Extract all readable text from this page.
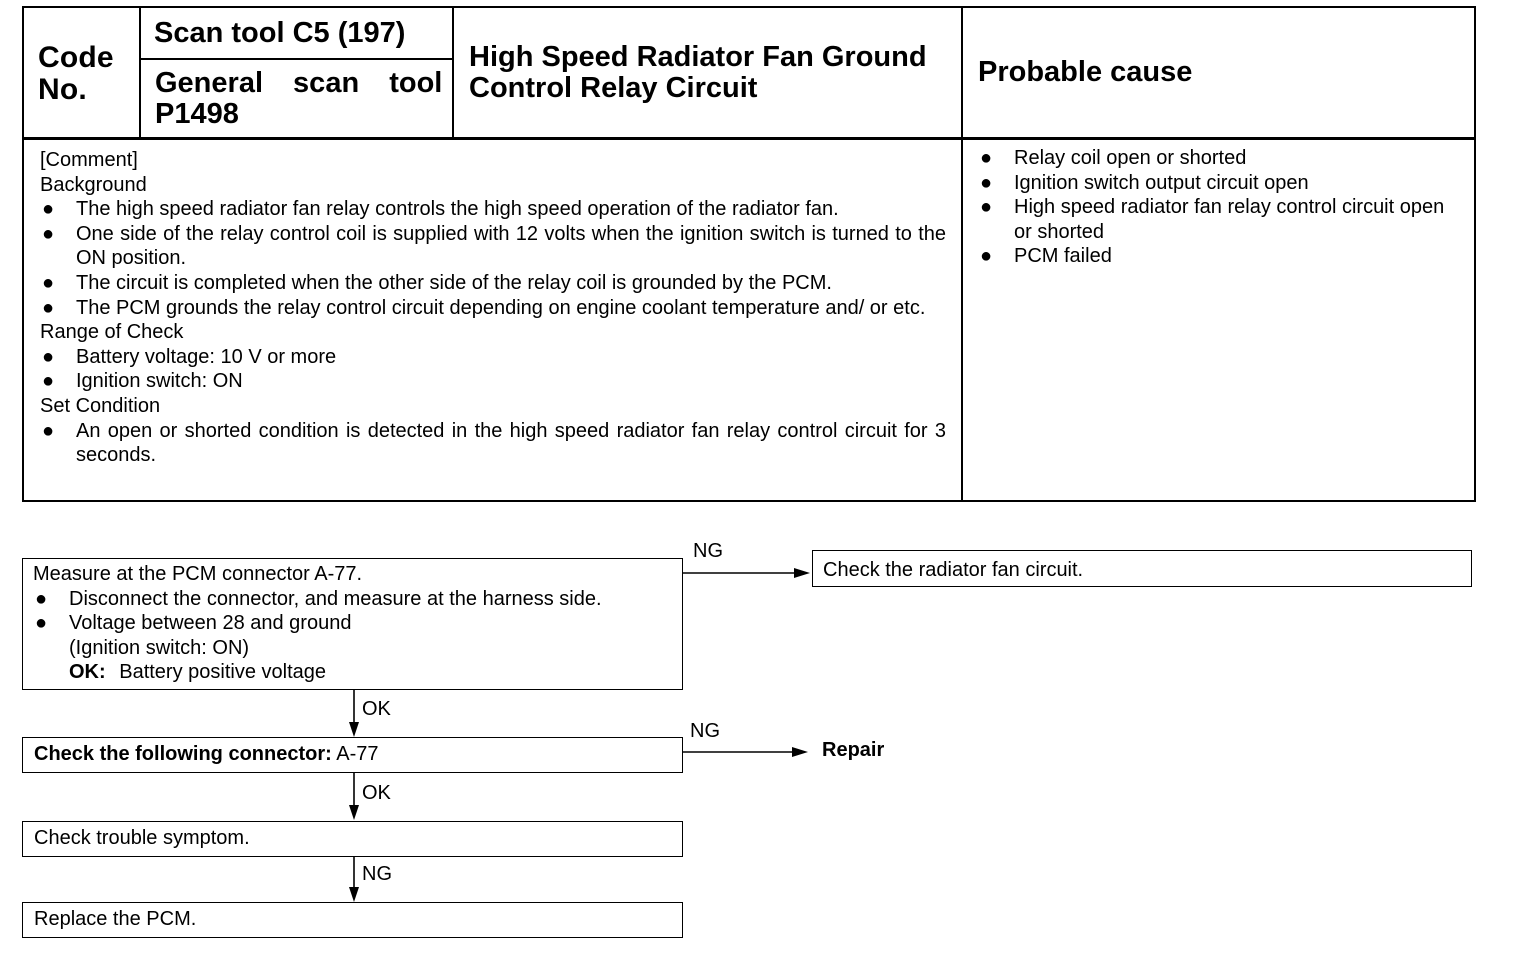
Code No.
Scan tool C5 (197)
General scan tool
P1498
High Speed Radiator Fan Ground Control Relay Circuit	Probable cause
[Comment]
Background
● The high speed radiator fan relay controls the high speed operation of the radiator fan.
● One side of the relay control coil is supplied with 12 volts when the ignition switch is turned to the ON position.
● The circuit is completed when the other side of the relay coil is grounded by the PCM.
● The PCM grounds the relay control circuit depending on engine coolant temperature and/ or etc.
Range of Check
● Battery voltage: 10 V or more
● Ignition switch: ON
Set Condition
● An open or shorted condition is detected in the high speed radiator fan relay control circuit for 3 seconds.
● Relay coil open or shorted
● Ignition switch output circuit open
● High speed radiator fan relay control circuit open or shorted
● PCM failed
Measure at the PCM connector A-77.
● Disconnect the connector, and measure at the harness side.
● Voltage between 28 and ground
(Ignition switch: ON)
OK: Battery positive voltage
NG
Check the radiator fan circuit.
OK
Check the following connector: A-77
NG
Repair
OK
Check trouble symptom.
NG
Replace the PCM.
